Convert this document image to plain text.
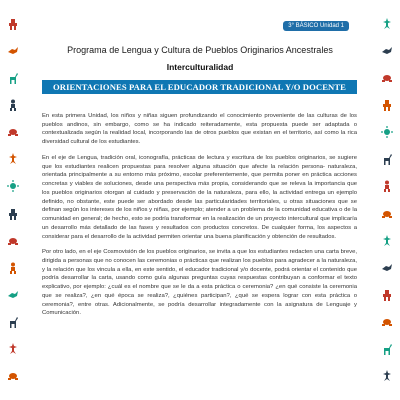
3° BÁSICO Unidad 1
Programa de Lengua y Cultura de Pueblos Originarios Ancestrales
Interculturalidad
ORIENTACIONES PARA EL EDUCADOR TRADICIONAL Y/O DOCENTE

En esta primera Unidad, los niños y niñas siguen profundizando el conocimiento proveniente de las culturas de los pueblos andinos, sin embargo, como se ha indicado reiteradamente, esta propuesta puede ser adaptada o contextualizada según la realidad local, incorporando las de otros pueblos que existan en el territorio, así como la rica diversidad cultural de los estudiantes.

En el eje de Lengua, tradición oral, iconografía, prácticas de lectura y escritura de los pueblos originarios, se sugiere que los estudiantes realicen propuestas para resolver alguna situación que afecte la relación persona- naturaleza, orientada principalmente a su entorno más próximo, escolar preferentemente, que permita poner en práctica acciones concretas y viables de soluciones, desde una perspectiva más propia, considerando que se releva la importancia que los pueblos originarios otorgan al cuidado y preservación de la naturaleza, para ello, la actividad entrega un ejemplo definido, no obstante, este puede ser abordado desde las particularidades territoriales, u otras situaciones que se definan según los intereses de los niños y niñas, por ejemplo; atender a un problema de la comunidad educativa o de la comunidad en general; de hecho, esto se podría transformar en la realización de un proyecto intercultural que implicaría un desarrollo más detallado de las fases y resultados con productos concretos. De cualquier forma, los aspectos a considerar para el desarrollo de la actividad permiten orientar una buena planificación y obtención de resultados.

Por otro lado, en el eje Cosmovisión de los pueblos originarios, se invita a que los estudiantes redacten una carta breve, dirigida a personas que no conocen las ceremonias o prácticas que realizan los pueblos para agradecer a la naturaleza, y la relación que los vincula a ella, en este sentido, el educador tradicional y/o docente, podrá orientar el contenido que podría desarrollar la carta, usando como guía algunas preguntas cuyas respuestas contribuyan a conformar el texto explicativo, por ejemplo: ¿cuál es el nombre que se le da a esta práctica o ceremonia? ¿en qué consiste la ceremonia que se realiza?, ¿en qué época se realiza?, ¿quiénes participan?, ¿qué se espera lograr con esta práctica o ceremonia?, entre otras. Adicionalmente, se podría desarrollar integradamente con la asignatura de Lenguaje y Comunicación.
